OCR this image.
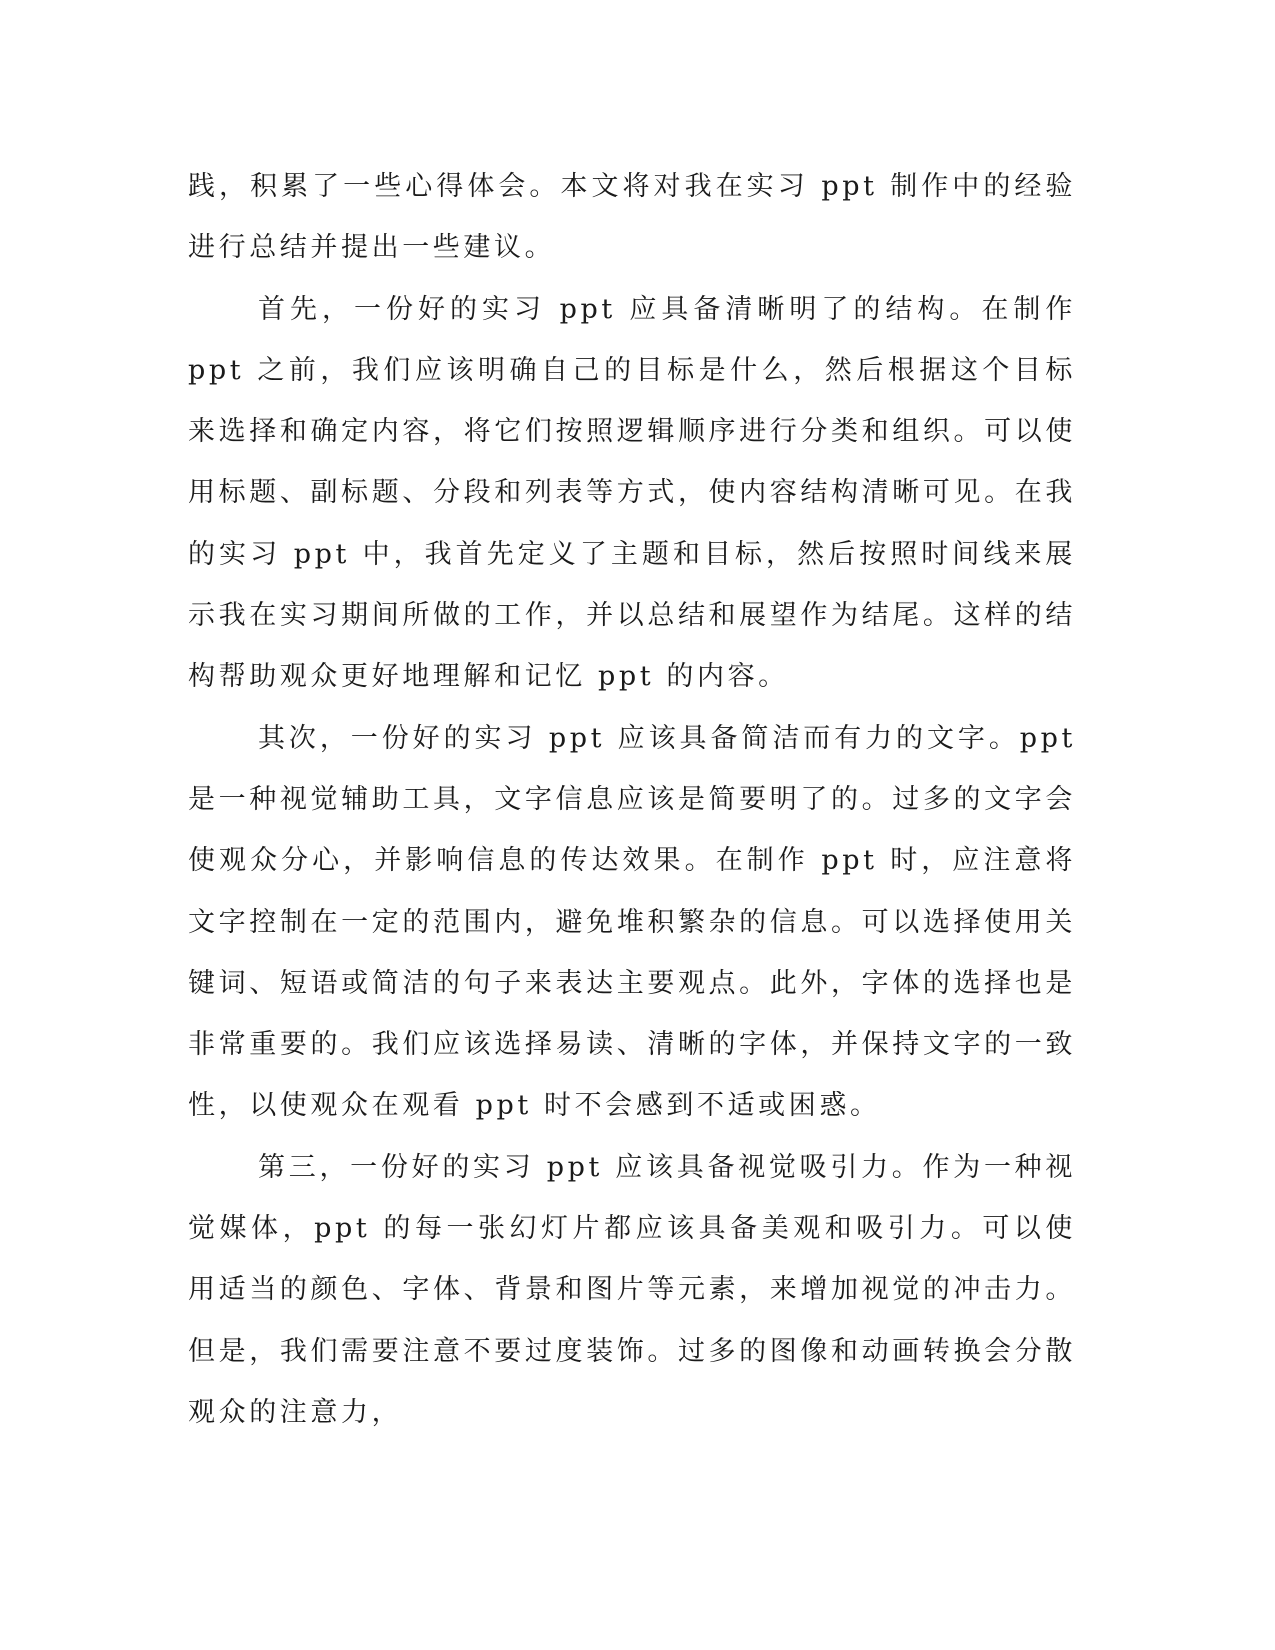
践，积累了一些心得体会。本文将对我在实习 ppt 制作中的经验进行总结并提出一些建议。

首先，一份好的实习 ppt 应具备清晰明了的结构。在制作 ppt 之前，我们应该明确自己的目标是什么，然后根据这个目标来选择和确定内容，将它们按照逻辑顺序进行分类和组织。可以使用标题、副标题、分段和列表等方式，使内容结构清晰可见。在我的实习 ppt 中，我首先定义了主题和目标，然后按照时间线来展示我在实习期间所做的工作，并以总结和展望作为结尾。这样的结构帮助观众更好地理解和记忆 ppt 的内容。

其次，一份好的实习 ppt 应该具备简洁而有力的文字。ppt 是一种视觉辅助工具，文字信息应该是简要明了的。过多的文字会使观众分心，并影响信息的传达效果。在制作 ppt 时，应注意将文字控制在一定的范围内，避免堆积繁杂的信息。可以选择使用关键词、短语或简洁的句子来表达主要观点。此外，字体的选择也是非常重要的。我们应该选择易读、清晰的字体，并保持文字的一致性，以使观众在观看 ppt 时不会感到不适或困惑。

第三，一份好的实习 ppt 应该具备视觉吸引力。作为一种视觉媒体，ppt 的每一张幻灯片都应该具备美观和吸引力。可以使用适当的颜色、字体、背景和图片等元素，来增加视觉的冲击力。但是，我们需要注意不要过度装饰。过多的图像和动画转换会分散观众的注意力，
